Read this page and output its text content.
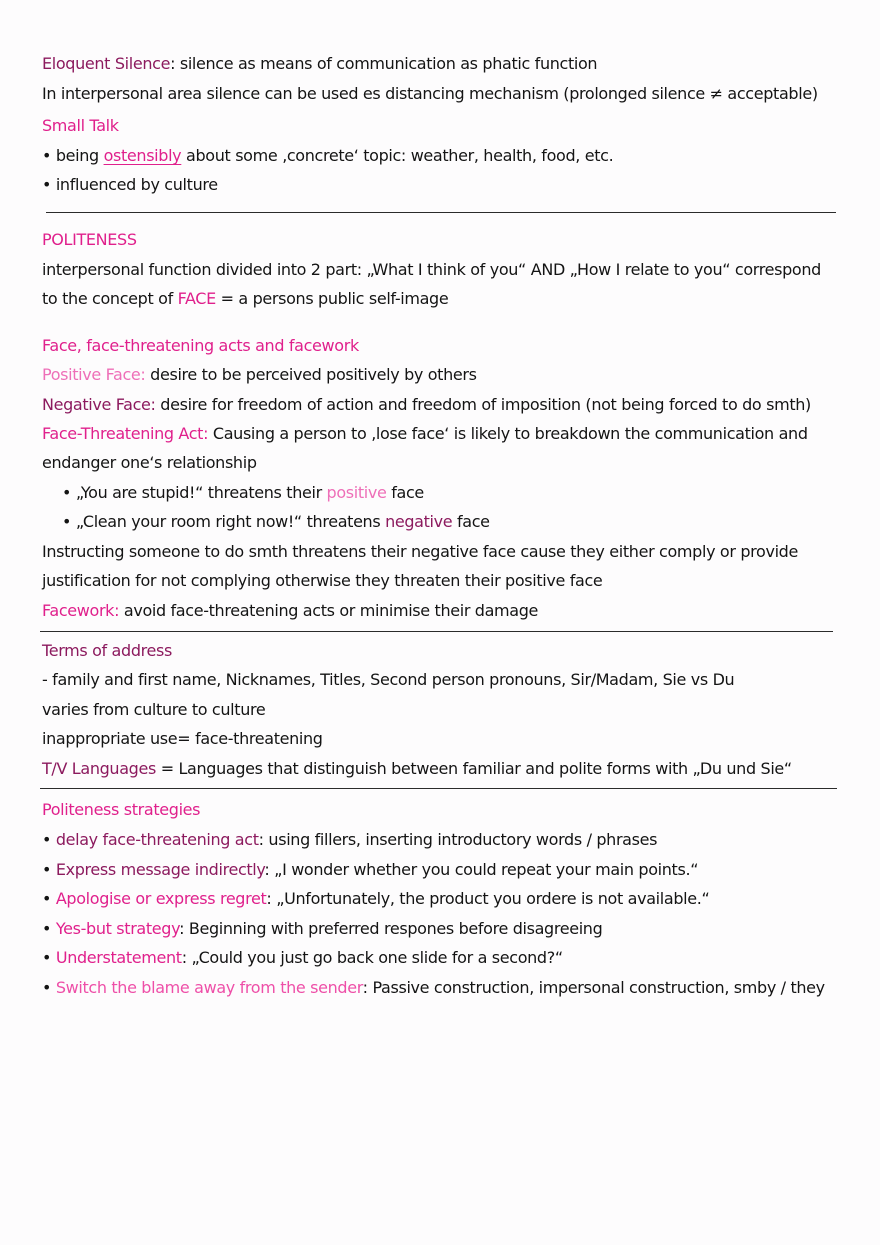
Eloquent Silence: silence as means of communication as phatic function
In interpersonal area silence can be used es distancing mechanism (prolonged silence ≠ acceptable)
Small Talk
• being ostensibly about some ‚concrete‘ topic: weather, health, food, etc.
• influenced by culture
POLITENESS
interpersonal function divided into 2 part: „What I think of you“ AND „How I relate to you“ correspond
to the concept of FACE = a persons public self-image
Face, face-threatening acts and facework
Positive Face: desire to be perceived positively by others
Negative Face: desire for freedom of action and freedom of imposition (not being forced to do smth)
Face-Threatening Act: Causing a person to ‚lose face‘ is likely to breakdown the communication and
endanger one‘s relationship
• „You are stupid!“ threatens their positive face
• „Clean your room right now!“ threatens negative face
Instructing someone to do smth threatens their negative face cause they either comply or provide
justification for not complying otherwise they threaten their positive face
Facework: avoid face-threatening acts or minimise their damage
Terms of address
- family and first name, Nicknames, Titles, Second person pronouns, Sir/Madam, Sie vs Du
varies from culture to culture
inappropriate use= face-threatening
T/V Languages = Languages that distinguish between familiar and polite forms with „Du und Sie“
Politeness strategies
• delay face-threatening act: using fillers, inserting introductory words / phrases
• Express message indirectly: „I wonder whether you could repeat your main points.“
• Apologise or express regret: „Unfortunately, the product you ordere is not available.“
• Yes-but strategy: Beginning with preferred respones before disagreeing
• Understatement: „Could you just go back one slide for a second?“
• Switch the blame away from the sender: Passive construction, impersonal construction, smby / they
